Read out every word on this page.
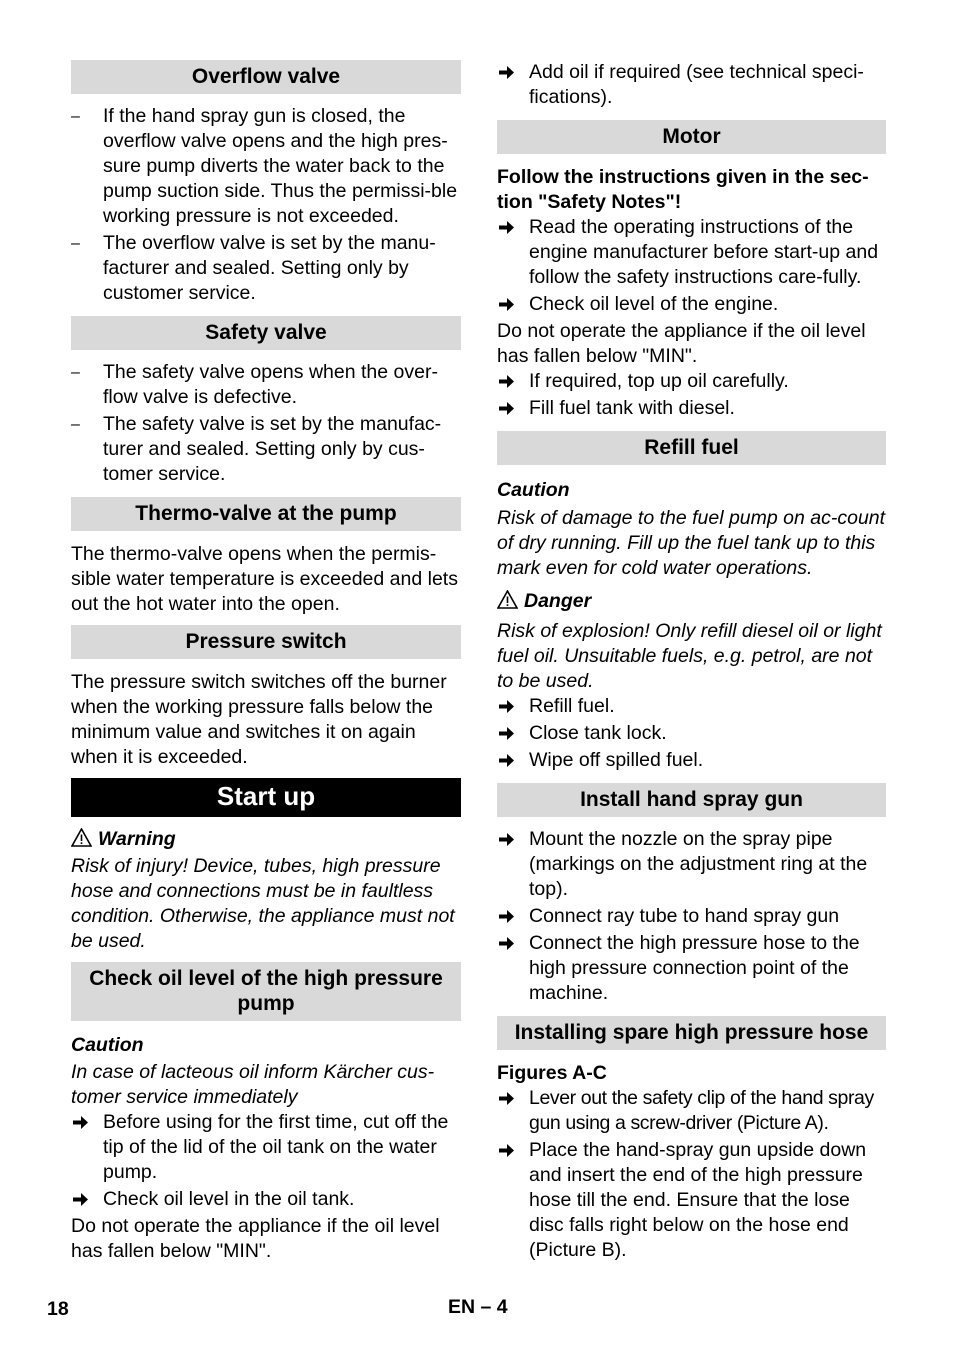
Overflow valve
– If the hand spray gun is closed, the overflow valve opens and the high pres-sure pump diverts the water back to the pump suction side. Thus the permissi-ble working pressure is not exceeded.
– The overflow valve is set by the manu-facturer and sealed. Setting only by customer service.
Safety valve
– The safety valve opens when the over-flow valve is defective.
– The safety valve is set by the manufac-turer and sealed. Setting only by cus-tomer service.
Thermo-valve at the pump

The thermo-valve opens when the permis-sible water temperature is exceeded and lets out the hot water into the open.

Pressure switch

The pressure switch switches off the burner when the working pressure falls below the minimum value and switches it on again when it is exceeded.

Start up
Warning

Risk of injury! Device, tubes, high pressure hose and connections must be in faultless condition. Otherwise, the appliance must not be used.

Check oil level of the high pressure pump
Caution

In case of lacteous oil inform Kärcher cus-tomer service immediately

Before using for the first time, cut off the tip of the lid of the oil tank on the water pump.
Check oil level in the oil tank.

Do not operate the appliance if the oil level has fallen below "MIN".

Add oil if required (see technical speci-fications).
Motor

Follow the instructions given in the sec-tion "Safety Notes"!

Read the operating instructions of the engine manufacturer before start-up and follow the safety instructions care-fully.
Check oil level of the engine.

Do not operate the appliance if the oil level has fallen below "MIN".

If required, top up oil carefully.
Fill fuel tank with diesel.
Refill fuel
Caution

Risk of damage to the fuel pump on ac-count of dry running. Fill up the fuel tank up to this mark even for cold water operations.

Danger

Risk of explosion! Only refill diesel oil or light fuel oil. Unsuitable fuels, e.g. petrol, are not to be used.

Refill fuel.
Close tank lock.
Wipe off spilled fuel.
Install hand spray gun
Mount the nozzle on the spray pipe (markings on the adjustment ring at the top).
Connect ray tube to hand spray gun
Connect the high pressure hose to the high pressure connection point of the machine.
Installing spare high pressure hose

Figures A-C

Lever out the safety clip of the hand spray gun using a screw-driver (Picture A).
Place the hand-spray gun upside down and insert the end of the high pressure hose till the end. Ensure that the lose disc falls right below on the hose end (Picture B).
18	EN – 4
